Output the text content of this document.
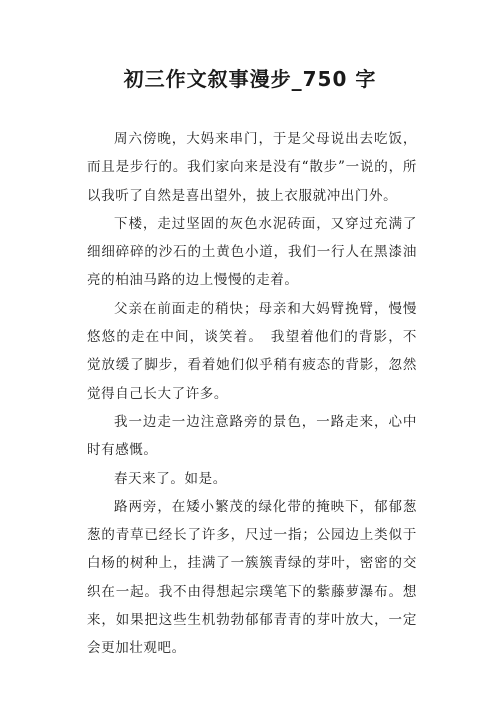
初三作文叙事漫步_750 字

周六傍晚，大妈来串门，于是父母说出去吃饭，而且是步行的。我们家向来是没有“散步”一说的，所以我听了自然是喜出望外，披上衣服就冲出门外。

下楼，走过坚固的灰色水泥砖面，又穿过充满了细细碎碎的沙石的土黄色小道，我们一行人在黑漆油亮的柏油马路的边上慢慢的走着。

父亲在前面走的稍快；母亲和大妈臂挽臂，慢慢悠悠的走在中间，谈笑着。　我望着他们的背影，不觉放缓了脚步，看着她们似乎稍有疲态的背影，忽然觉得自己长大了许多。

我一边走一边注意路旁的景色，一路走来，心中时有感慨。

春天来了。如是。

路两旁，在矮小繁茂的绿化带的掩映下，郁郁葱葱的青草已经长了许多，尺过一指；公园边上类似于白杨的树种上，挂满了一簇簇青绿的芽叶，密密的交织在一起。我不由得想起宗璞笔下的紫藤萝瀑布。想来，如果把这些生机勃勃郁郁青青的芽叶放大，一定会更加壮观吧。
